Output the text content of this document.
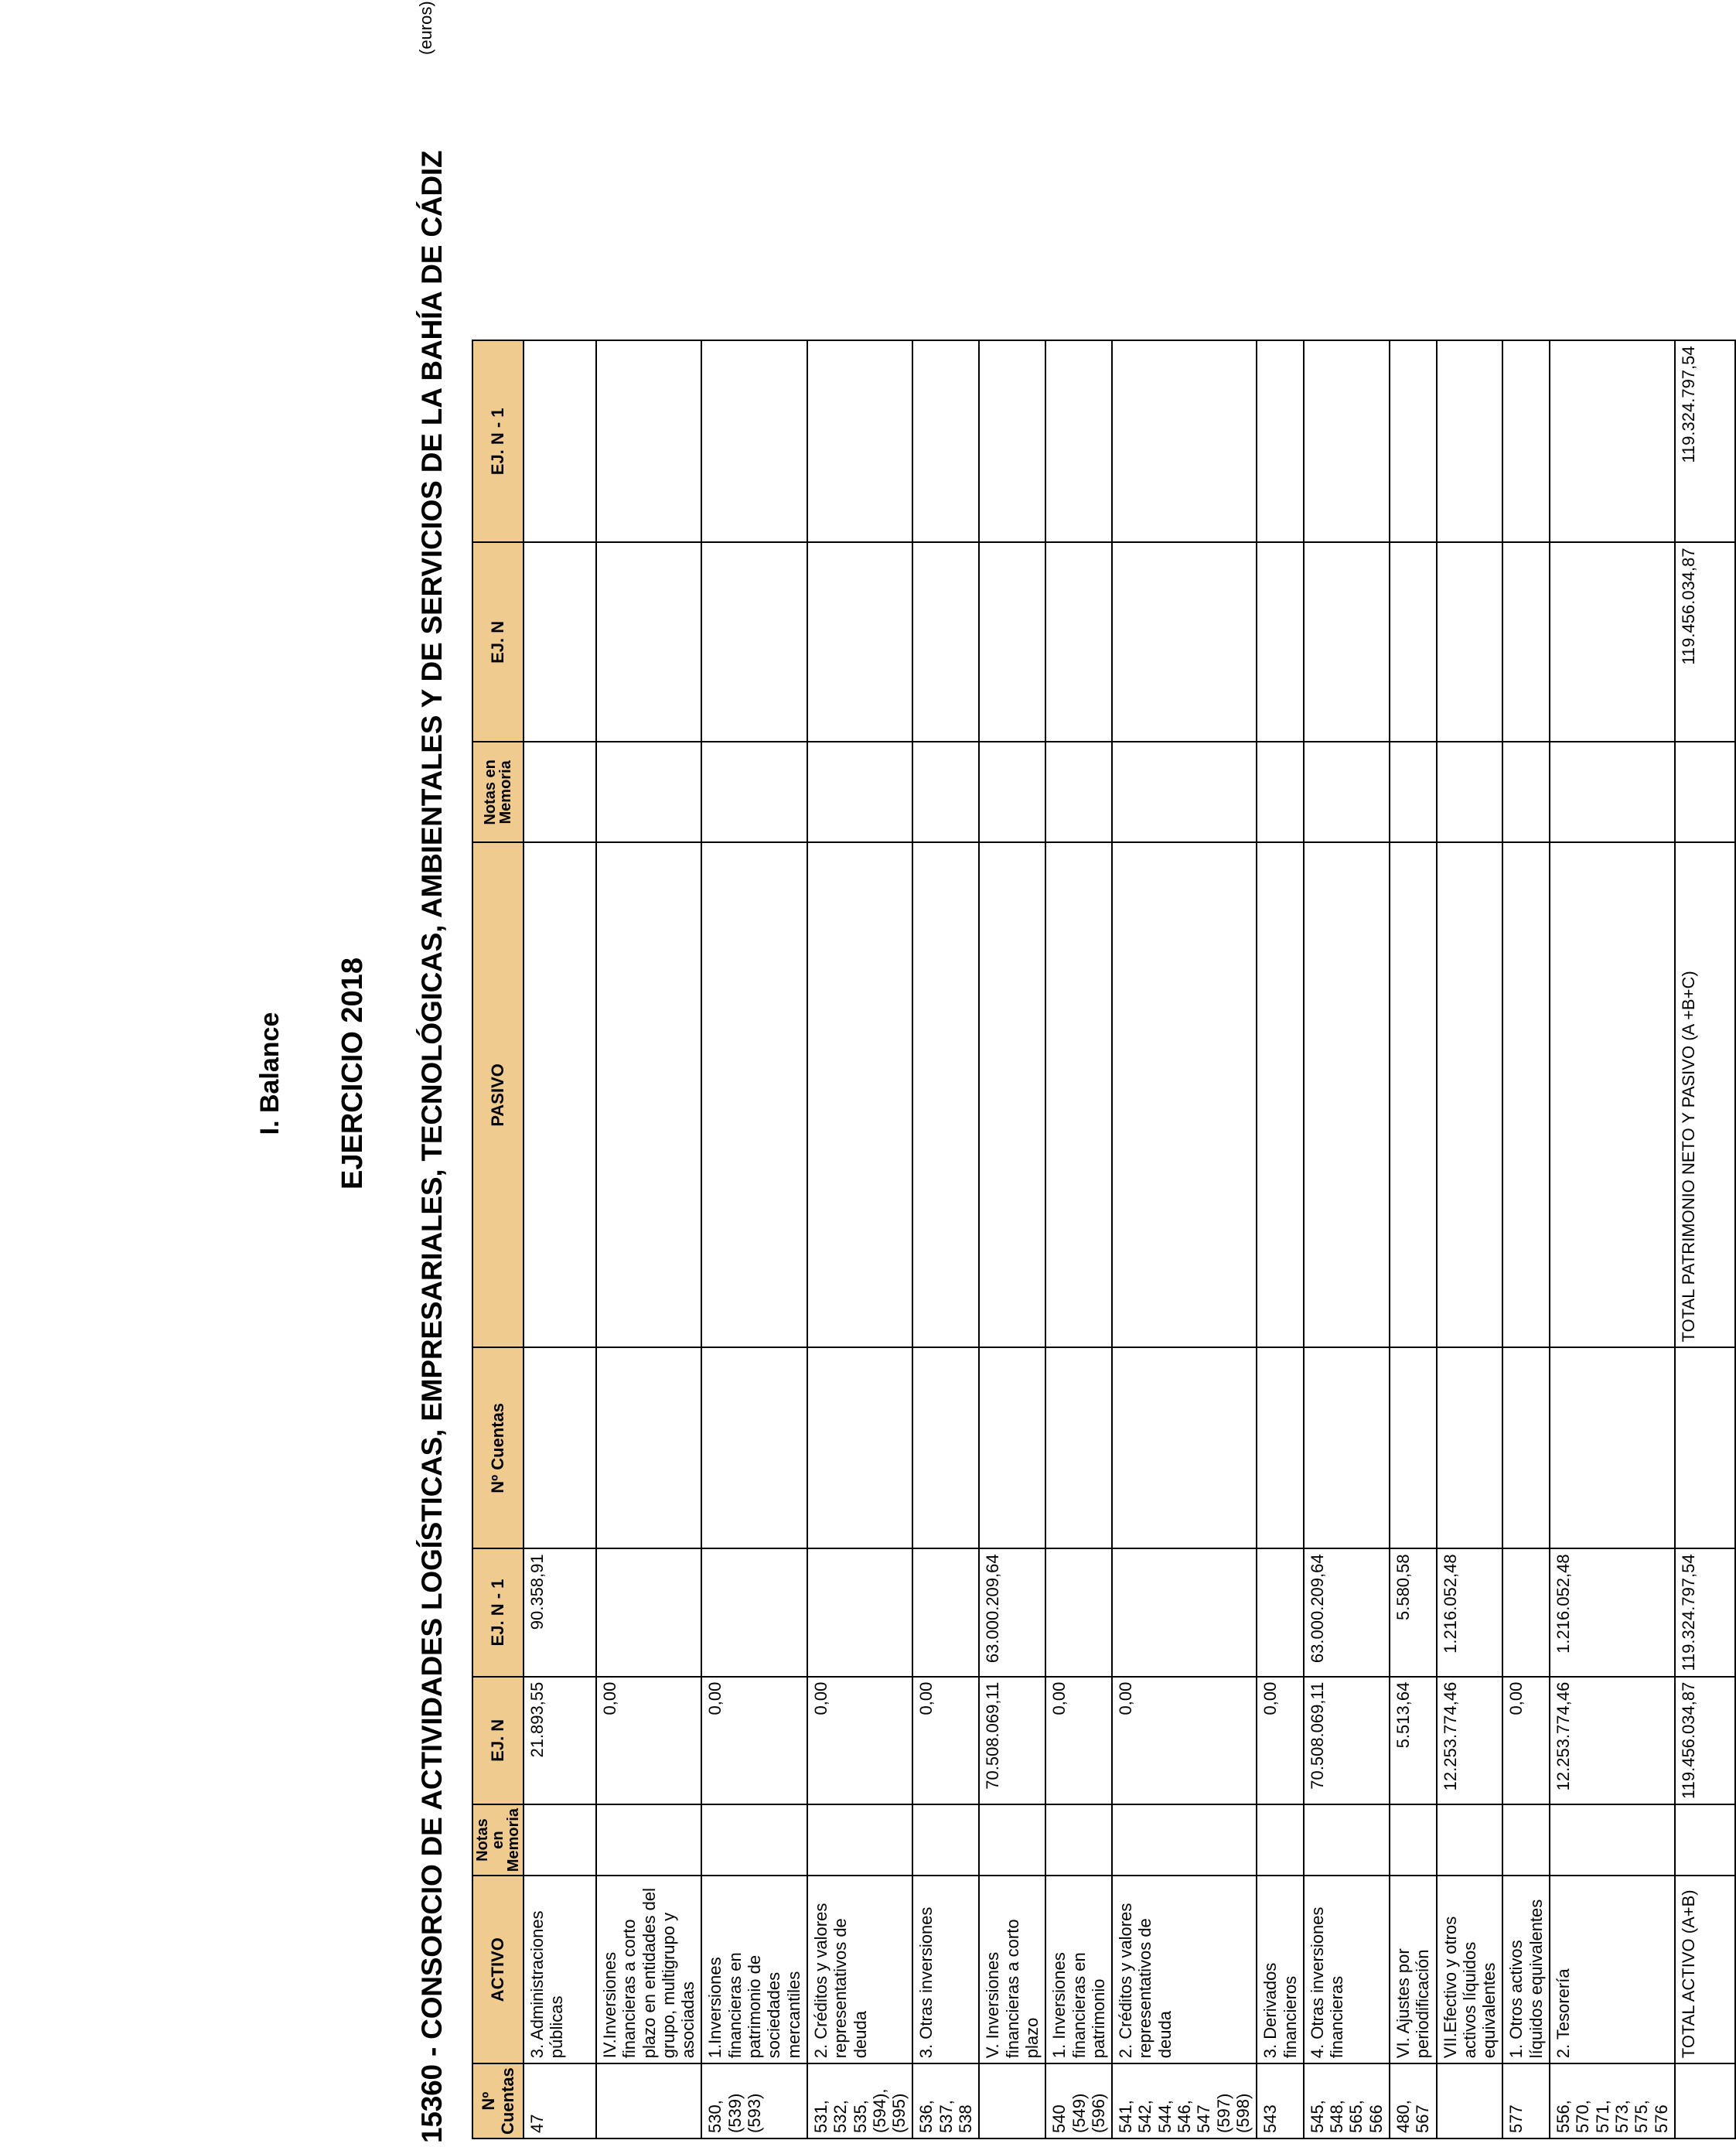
I. Balance EJERCICIO 2018 15360 - CONSORCIO DE ACTIVIDADES LOGÍSTICAS, EMPRESARIALES, TECNOLÓGICAS, AMBIENTALES Y DE SERVICIOS DE LA BAHÍA DE CÁDIZ
(euros)
Nº Cuentas	ACTIVO	Notas en Memoria	EJ. N	EJ. N - 1	Nº Cuentas	PASIVO	Notas en Memoria	EJ. N	EJ. N - 1
47	3. Administraciones públicas		21.893,55	90.358,91					
	IV.Inversiones financieras a corto plazo en entidades del grupo, multigrupo y asociadas		0,00						
530, (539) (593)	1.Inversiones financieras en patrimonio de sociedades mercantiles		0,00						
531, 532, 535, (594), (595)	2. Créditos y valores representativos de deuda		0,00						
536, 537, 538	3. Otras inversiones		0,00						
	V. Inversiones financieras a corto plazo		70.508.069,11	63.000.209,64					
540 (549) (596)	1. Inversiones financieras en patrimonio		0,00						
541, 542, 544, 546, 547 (597) (598)	2. Créditos y valores representativos de deuda		0,00						
543	3. Derivados financieros		0,00						
545, 548, 565, 566	4. Otras inversiones financieras		70.508.069,11	63.000.209,64					
480, 567	VI. Ajustes por periodificación		5.513,64	5.580,58					
	VII.Efectivo y otros activos líquidos equivalentes		12.253.774,46	1.216.052,48					
577	1. Otros activos líquidos equivalentes		0,00						
556, 570, 571, 573, 575, 576	2. Tesorería		12.253.774,46	1.216.052,48					
	TOTAL ACTIVO (A+B)		119.456.034,87	119.324.797,54		TOTAL PATRIMONIO NETO Y PASIVO (A +B+C)		119.456.034,87	119.324.797,54
